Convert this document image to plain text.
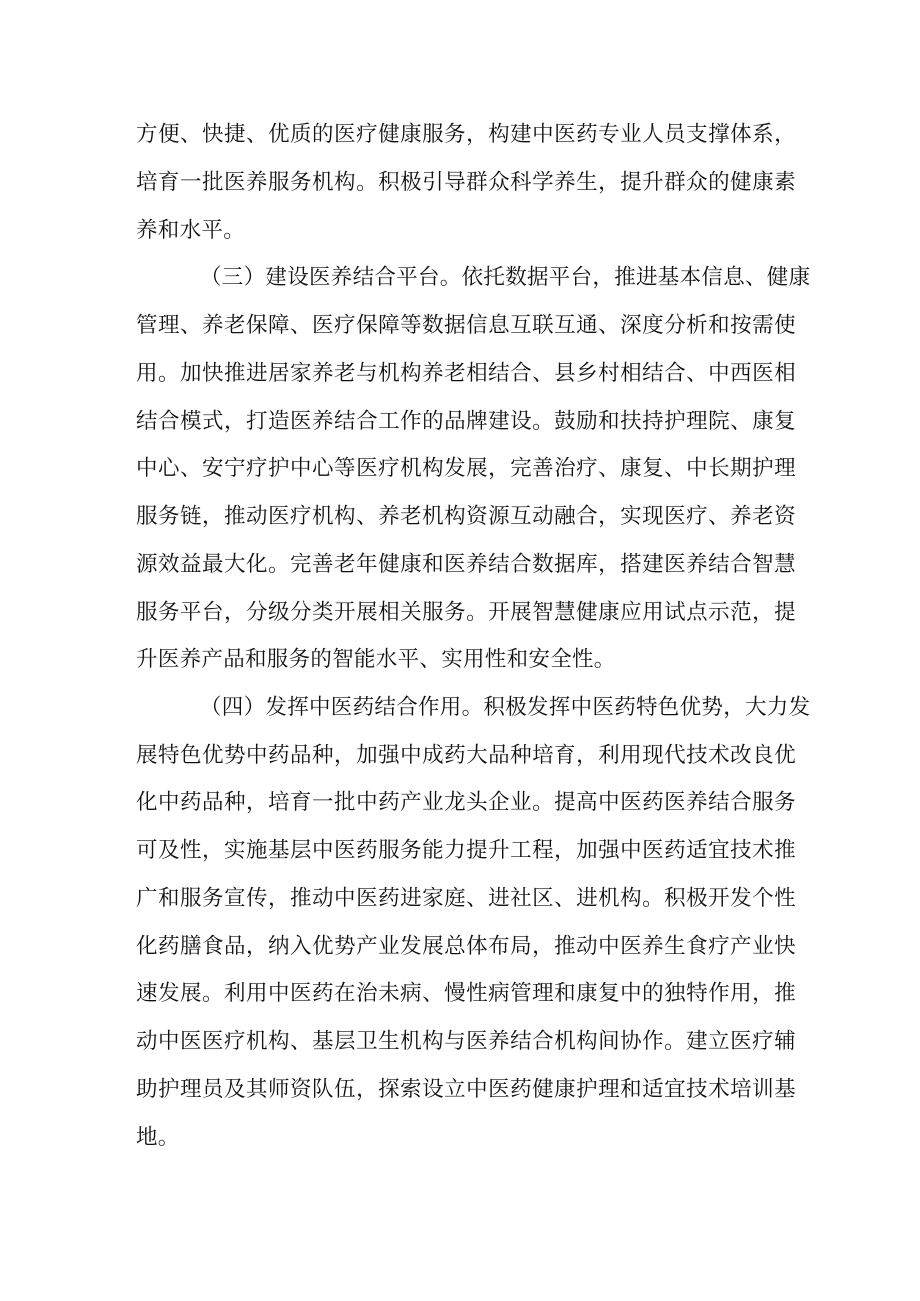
方便、快捷、优质的医疗健康服务，构建中医药专业人员支撑体系，
培育一批医养服务机构。积极引导群众科学养生，提升群众的健康素
养和水平。
（三）建设医养结合平台。依托数据平台，推进基本信息、健康
管理、养老保障、医疗保障等数据信息互联互通、深度分析和按需使
用。加快推进居家养老与机构养老相结合、县乡村相结合、中西医相
结合模式，打造医养结合工作的品牌建设。鼓励和扶持护理院、康复
中心、安宁疗护中心等医疗机构发展，完善治疗、康复、中长期护理
服务链，推动医疗机构、养老机构资源互动融合，实现医疗、养老资
源效益最大化。完善老年健康和医养结合数据库，搭建医养结合智慧
服务平台，分级分类开展相关服务。开展智慧健康应用试点示范，提
升医养产品和服务的智能水平、实用性和安全性。
（四）发挥中医药结合作用。积极发挥中医药特色优势，大力发
展特色优势中药品种，加强中成药大品种培育，利用现代技术改良优
化中药品种，培育一批中药产业龙头企业。提高中医药医养结合服务
可及性，实施基层中医药服务能力提升工程，加强中医药适宜技术推
广和服务宣传，推动中医药进家庭、进社区、进机构。积极开发个性
化药膳食品，纳入优势产业发展总体布局，推动中医养生食疗产业快
速发展。利用中医药在治未病、慢性病管理和康复中的独特作用，推
动中医医疗机构、基层卫生机构与医养结合机构间协作。建立医疗辅
助护理员及其师资队伍，探索设立中医药健康护理和适宜技术培训基
地。
